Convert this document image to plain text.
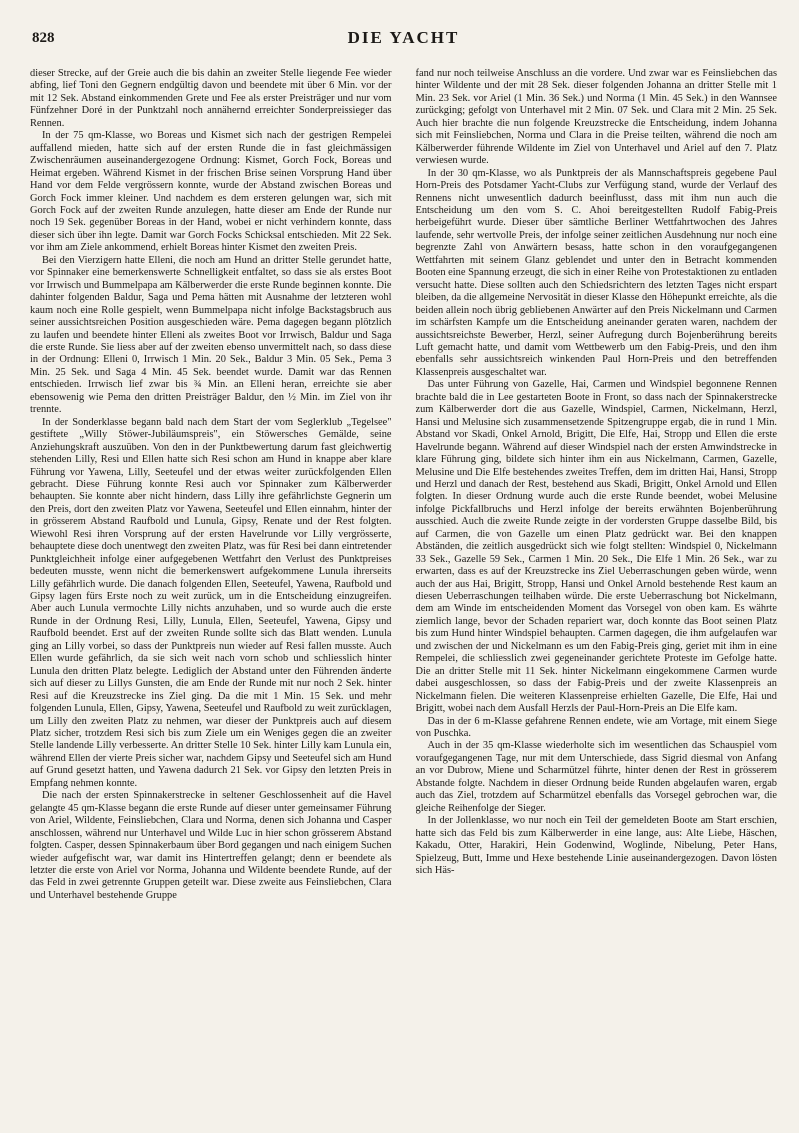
828	DIE YACHT

dieser Strecke, auf der Greie auch die bis dahin an zweiter Stelle liegende Fee wieder abfing, lief Toni den Gegnern endgültig davon und beendete mit über 6 Min. vor der mit 12 Sek. Abstand einkommenden Grete und Fee als erster Preisträger und nur vom Fünfzehner Doré in der Punktzahl noch annähernd erreichter Sonderpreissieger das Rennen.

In der 75 qm-Klasse, wo Boreas und Kismet sich nach der gestrigen Rempelei auffallend mieden, hatte sich auf der ersten Runde die in fast gleichmässigen Zwischenräumen auseinandergezogene Ordnung: Kismet, Gorch Fock, Boreas und Heimat ergeben. Während Kismet in der frischen Brise seinen Vorsprung Hand über Hand vor dem Felde vergrössern konnte, wurde der Abstand zwischen Boreas und Gorch Fock immer kleiner. Und nachdem es dem ersteren gelungen war, sich mit Gorch Fock auf der zweiten Runde anzulegen, hatte dieser am Ende der Runde nur noch 19 Sek. gegenüber Boreas in der Hand, wobei er nicht verhindern konnte, dass dieser sich über ihn legte. Damit war Gorch Focks Schicksal entschieden. Mit 22 Sek. vor ihm am Ziele ankommend, erhielt Boreas hinter Kismet den zweiten Preis.

Bei den Vierzigern hatte Elleni, die noch am Hund an dritter Stelle gerundet hatte, vor Spinnaker eine bemerkenswerte Schnelligkeit entfaltet, so dass sie als erstes Boot vor Irrwisch und Bummelpapa am Kälberwerder die erste Runde beginnen konnte. Die dahinter folgenden Baldur, Saga und Pema hätten mit Ausnahme der letzteren wohl kaum noch eine Rolle gespielt, wenn Bummelpapa nicht infolge Backstagsbruch aus seiner aussichtsreichen Position ausgeschieden wäre. Pema dagegen begann plötzlich zu laufen und beendete hinter Elleni als zweites Boot vor Irrwisch, Baldur und Saga die erste Runde. Sie liess aber auf der zweiten ebenso unvermittelt nach, so dass diese in der Ordnung: Elleni 0, Irrwisch 1 Min. 20 Sek., Baldur 3 Min. 05 Sek., Pema 3 Min. 25 Sek. und Saga 4 Min. 45 Sek. beendet wurde. Damit war das Rennen entschieden. Irrwisch lief zwar bis ¾ Min. an Elleni heran, erreichte sie aber ebensowenig wie Pema den dritten Preisträger Baldur, den ½ Min. im Ziel von ihr trennte.

In der Sonderklasse begann bald nach dem Start der vom Seglerklub „Tegelsee" gestiftete „Willy Stöwer-Jubiläumspreis", ein Stöwersches Gemälde, seine Anziehungskraft auszuüben. Von den in der Punktbewertung darum fast gleichwertig stehenden Lilly, Resi und Ellen hatte sich Resi schon am Hund in knappe aber klare Führung vor Yawena, Lilly, Seeteufel und der etwas weiter zurückfolgenden Ellen gebracht. Diese Führung konnte Resi auch vor Spinnaker zum Kälberwerder behaupten. Sie konnte aber nicht hindern, dass Lilly ihre gefährlichste Gegnerin um den Preis, dort den zweiten Platz vor Yawena, Seeteufel und Ellen einnahm, hinter der in grösserem Abstand Raufbold und Lunula, Gipsy, Renate und der Rest folgten. Wiewohl Resi ihren Vorsprung auf der ersten Havelrunde vor Lilly vergrösserte, behauptete diese doch unentwegt den zweiten Platz, was für Resi bei dann eintretender Punktgleichheit infolge einer aufgegebenen Wettfahrt den Verlust des Punktpreises bedeuten musste, wenn nicht die bemerkenswert aufgekommene Lunula ihrerseits Lilly gefährlich wurde. Die danach folgenden Ellen, Seeteufel, Yawena, Raufbold und Gipsy lagen fürs Erste noch zu weit zurück, um in die Entscheidung einzugreifen. Aber auch Lunula vermochte Lilly nichts anzuhaben, und so wurde auch die erste Runde in der Ordnung Resi, Lilly, Lunula, Ellen, Seeteufel, Yawena, Gipsy und Raufbold beendet. Erst auf der zweiten Runde sollte sich das Blatt wenden. Lunula ging an Lilly vorbei, so dass der Punktpreis nun wieder auf Resi fallen musste. Auch Ellen wurde gefährlich, da sie sich weit nach vorn schob und schliesslich hinter Lunula den dritten Platz belegte. Lediglich der Abstand unter den Führenden änderte sich auf dieser zu Lillys Gunsten, die am Ende der Runde mit nur noch 2 Sek. hinter Resi auf die Kreuzstrecke ins Ziel ging. Da die mit 1 Min. 15 Sek. und mehr folgenden Lunula, Ellen, Gipsy, Yawena, Seeteufel und Raufbold zu weit zurücklagen, um Lilly den zweiten Platz zu nehmen, war dieser der Punktpreis auch auf diesem Platz sicher, trotzdem Resi sich bis zum Ziele um ein Weniges gegen die an zweiter Stelle landende Lilly verbesserte. An dritter Stelle 10 Sek. hinter Lilly kam Lunula ein, während Ellen der vierte Preis sicher war, nachdem Gipsy und Seeteufel sich am Hund auf Grund gesetzt hatten, und Yawena dadurch 21 Sek. vor Gipsy den letzten Preis in Empfang nehmen konnte.

Die nach der ersten Spinnakerstrecke in seltener Geschlossenheit auf die Havel gelangte 45 qm-Klasse begann die erste Runde auf dieser unter gemeinsamer Führung von Ariel, Wildente, Feinsliebchen, Clara und Norma, denen sich Johanna und Casper anschlossen, während nur Unterhavel und Wilde Luc in hier schon grösserem Abstand folgten. Casper, dessen Spinnakerbaum über Bord gegangen und nach einigem Suchen wieder aufgefischt war, war damit ins Hintertreffen gelangt; denn er beendete als letzter die erste von Ariel vor Norma, Johanna und Wildente beendete Runde, auf der das Feld in zwei getrennte Gruppen geteilt war. Diese zweite aus Feinsliebchen, Clara und Unterhavel bestehende Gruppe

fand nur noch teilweise Anschluss an die vordere. Und zwar war es Feinsliebchen das hinter Wildente und der mit 28 Sek. dieser folgenden Johanna an dritter Stelle mit 1 Min. 23 Sek. vor Ariel (1 Min. 36 Sek.) und Norma (1 Min. 45 Sek.) in den Wannsee zurückging; gefolgt von Unterhavel mit 2 Min. 07 Sek. und Clara mit 2 Min. 25 Sek. Auch hier brachte die nun folgende Kreuzstrecke die Entscheidung, indem Johanna sich mit Feinsliebchen, Norma und Clara in die Preise teilten, während die noch am Kälberwerder führende Wildente im Ziel von Unterhavel und Ariel auf den 7. Platz verwiesen wurde.

In der 30 qm-Klasse, wo als Punktpreis der als Mannschaftspreis gegebene Paul Horn-Preis des Potsdamer Yacht-Clubs zur Verfügung stand, wurde der Verlauf des Rennens nicht unwesentlich dadurch beeinflusst, dass mit ihm nun auch die Entscheidung um den vom S. C. Ahoi bereitgestellten Rudolf Fabig-Preis herbeigeführt wurde. Dieser über sämtliche Berliner Wettfahrtwochen des Jahres laufende, sehr wertvolle Preis, der infolge seiner zeitlichen Ausdehnung nur noch eine begrenzte Zahl von Anwärtern besass, hatte schon in den voraufgegangenen Wettfahrten mit seinem Glanz geblendet und unter den in Betracht kommenden Booten eine Spannung erzeugt, die sich in einer Reihe von Protestaktionen zu entladen versucht hatte. Diese sollten auch den Schiedsrichtern des letzten Tages nicht erspart bleiben, da die allgemeine Nervosität in dieser Klasse den Höhepunkt erreichte, als die beiden allein noch übrig gebliebenen Anwärter auf den Preis Nickelmann und Carmen im schärfsten Kampfe um die Entscheidung aneinander geraten waren, nachdem der aussichtsreichste Bewerber, Herzl, seiner Aufregung durch Bojenberührung bereits Luft gemacht hatte, und damit vom Wettbewerb um den Fabig-Preis, und den ihm ebenfalls sehr aussichtsreich winkenden Paul Horn-Preis und den betreffenden Klassenpreis ausgeschaltet war.

Das unter Führung von Gazelle, Hai, Carmen und Windspiel begonnene Rennen brachte bald die in Lee gestarteten Boote in Front, so dass nach der Spinnakerstrecke zum Kälberwerder dort die aus Gazelle, Windspiel, Carmen, Nickelmann, Herzl, Hansi und Melusine sich zusammensetzende Spitzengruppe ergab, die in rund 1 Min. Abstand vor Skadi, Onkel Arnold, Brigitt, Die Elfe, Hai, Stropp und Ellen die erste Havelrunde begann. Während auf dieser Windspiel nach der ersten Amwindstrecke in klare Führung ging, bildete sich hinter ihm ein aus Nickelmann, Carmen, Gazelle, Melusine und Die Elfe bestehendes zweites Treffen, dem im dritten Hai, Hansi, Stropp und Herzl und danach der Rest, bestehend aus Skadi, Brigitt, Onkel Arnold und Ellen folgten. In dieser Ordnung wurde auch die erste Runde beendet, wobei Melusine infolge Pickfallbruchs und Herzl infolge der bereits erwähnten Bojenberührung ausschied. Auch die zweite Runde zeigte in der vordersten Gruppe dasselbe Bild, bis auf Carmen, die von Gazelle um einen Platz gedrückt war. Bei den knappen Abständen, die zeitlich ausgedrückt sich wie folgt stellten: Windspiel 0, Nickelmann 33 Sek., Gazelle 59 Sek., Carmen 1 Min. 20 Sek., Die Elfe 1 Min. 26 Sek., war zu erwarten, dass es auf der Kreuzstrecke ins Ziel Ueberraschungen geben würde, wenn auch der aus Hai, Brigitt, Stropp, Hansi und Onkel Arnold bestehende Rest kaum an diesen Ueberraschungen teilhaben würde. Die erste Ueberraschung bot Nickelmann, dem am Winde im entscheidenden Moment das Vorsegel von oben kam. Es währte ziemlich lange, bevor der Schaden repariert war, doch konnte das Boot seinen Platz bis zum Hund hinter Windspiel behaupten. Carmen dagegen, die ihm aufgelaufen war und zwischen der und Nickelmann es um den Fabig-Preis ging, geriet mit ihm in eine Rempelei, die schliesslich zwei gegeneinander gerichtete Proteste im Gefolge hatte. Die an dritter Stelle mit 11 Sek. hinter Nickelmann eingekommene Carmen wurde dabei ausgeschlossen, so dass der Fabig-Preis und der zweite Klassenpreis an Nickelmann fielen. Die weiteren Klassenpreise erhielten Gazelle, Die Elfe, Hai und Brigitt, wobei nach dem Ausfall Herzls der Paul-Horn-Preis an Die Elfe kam.

Das in der 6 m-Klasse gefahrene Rennen endete, wie am Vortage, mit einem Siege von Puschka.

Auch in der 35 qm-Klasse wiederholte sich im wesentlichen das Schauspiel vom voraufgegangenen Tage, nur mit dem Unterschiede, dass Sigrid diesmal von Anfang an vor Dubrow, Miene und Scharmützel führte, hinter denen der Rest in grösserem Abstande folgte. Nachdem in dieser Ordnung beide Runden abgelaufen waren, ergab auch das Ziel, trotzdem auf Scharmützel ebenfalls das Vorsegel gebrochen war, die gleiche Reihenfolge der Sieger.

In der Jollenklasse, wo nur noch ein Teil der gemeldeten Boote am Start erschien, hatte sich das Feld bis zum Kälberwerder in eine lange, aus: Alte Liebe, Häschen, Kakadu, Otter, Harakiri, Hein Godenwind, Woglinde, Nibelung, Peter Hans, Spielzeug, Butt, Imme und Hexe bestehende Linie auseinandergezogen. Davon lösten sich Häs-
